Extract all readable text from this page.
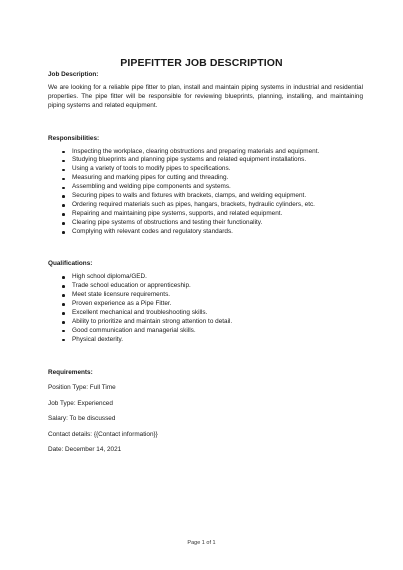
PIPEFITTER JOB DESCRIPTION
Job Description:
We are looking for a reliable pipe fitter to plan, install and maintain piping systems in industrial and residential properties. The pipe fitter will be responsible for reviewing blueprints, planning, installing, and maintaining piping systems and related equipment.
Responsibilities:
Inspecting the workplace, clearing obstructions and preparing materials and equipment.
Studying blueprints and planning pipe systems and related equipment installations.
Using a variety of tools to modify pipes to specifications.
Measuring and marking pipes for cutting and threading.
Assembling and welding pipe components and systems.
Securing pipes to walls and fixtures with brackets, clamps, and welding equipment.
Ordering required materials such as pipes, hangars, brackets, hydraulic cylinders, etc.
Repairing and maintaining pipe systems, supports, and related equipment.
Clearing pipe systems of obstructions and testing their functionality.
Complying with relevant codes and regulatory standards.
Qualifications:
High school diploma/GED.
Trade school education or apprenticeship.
Meet state licensure requirements.
Proven experience as a Pipe Fitter.
Excellent mechanical and troubleshooting skills.
Ability to prioritize and maintain strong attention to detail.
Good communication and managerial skills.
Physical dexterity.
Requirements:
Position Type: Full Time
Job Type: Experienced
Salary: To be discussed
Contact details: {{Contact information}}
Date: December 14, 2021
Page 1 of 1
